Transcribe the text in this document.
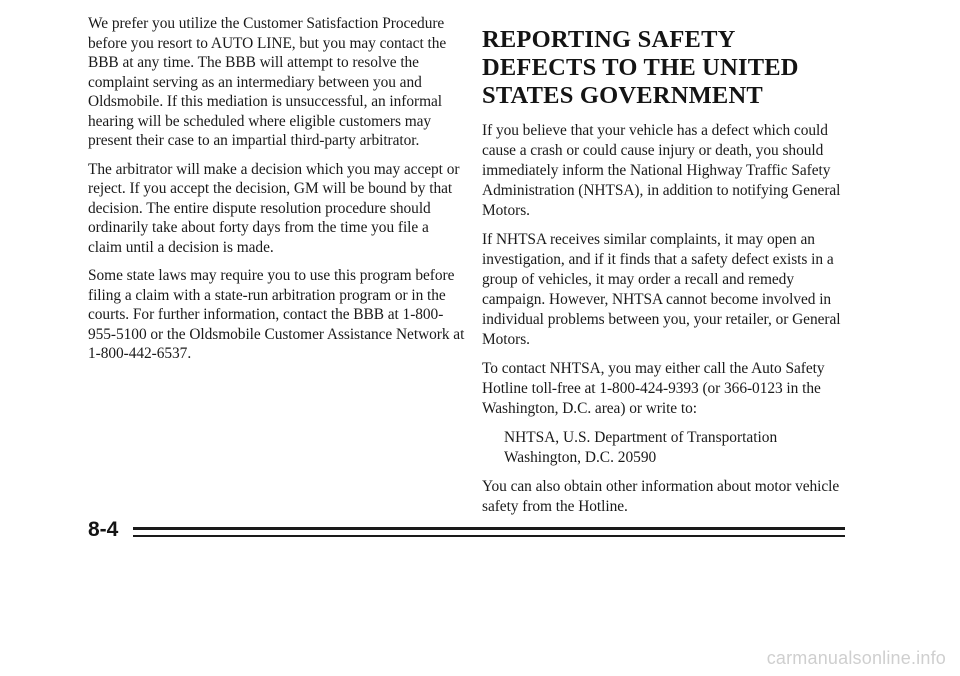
We prefer you utilize the Customer Satisfaction Procedure before you resort to AUTO LINE, but you may contact the BBB at any time. The BBB will attempt to resolve the complaint serving as an intermediary between you and Oldsmobile. If this mediation is unsuccessful, an informal hearing will be scheduled where eligible customers may present their case to an impartial third-party arbitrator.

The arbitrator will make a decision which you may accept or reject. If you accept the decision, GM will be bound by that decision. The entire dispute resolution procedure should ordinarily take about forty days from the time you file a claim until a decision is made.

Some state laws may require you to use this program before filing a claim with a state-run arbitration program or in the courts. For further information, contact the BBB at 1-800-955-5100 or the Oldsmobile Customer Assistance Network at 1-800-442-6537.

REPORTING SAFETY DEFECTS TO THE UNITED STATES GOVERNMENT

If you believe that your vehicle has a defect which could cause a crash or could cause injury or death, you should immediately inform the National Highway Traffic Safety Administration (NHTSA), in addition to notifying General Motors.

If NHTSA receives similar complaints, it may open an investigation, and if it finds that a safety defect exists in a group of vehicles, it may order a recall and remedy campaign. However, NHTSA cannot become involved in individual problems between you, your retailer, or General Motors.

To contact NHTSA, you may either call the Auto Safety Hotline toll-free at 1-800-424-9393 (or 366-0123 in the Washington, D.C. area) or write to:

NHTSA, U.S. Department of Transportation
Washington, D.C. 20590

You can also obtain other information about motor vehicle safety from the Hotline.

8-4
carmanualsonline.info
